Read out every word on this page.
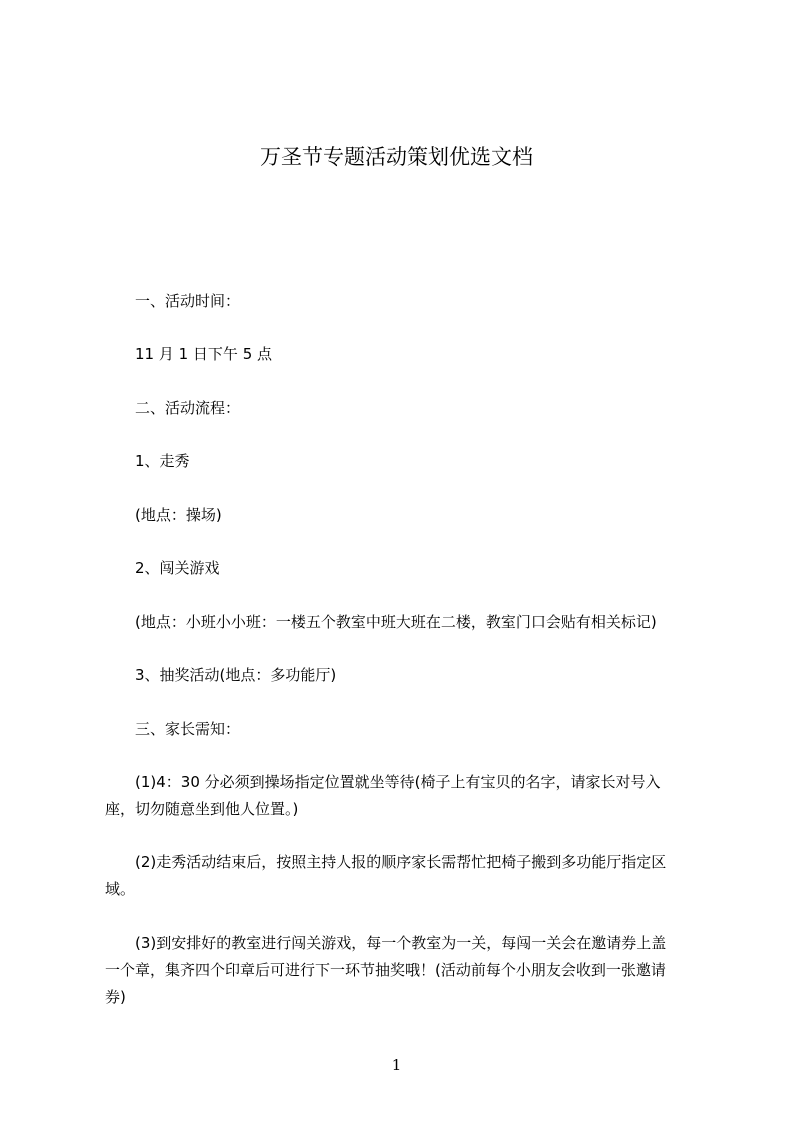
万圣节专题活动策划优选文档
一、活动时间：
11 月 1 日下午 5 点
二、活动流程：
1、走秀
(地点：操场)
2、闯关游戏
(地点：小班小小班：一楼五个教室中班大班在二楼，教室门口会贴有相关标记)
3、抽奖活动(地点：多功能厅)
三、家长需知：
(1)4：30 分必须到操场指定位置就坐等待(椅子上有宝贝的名字，请家长对号入
座，切勿随意坐到他人位置。)
(2)走秀活动结束后，按照主持人报的顺序家长需帮忙把椅子搬到多功能厅指定区
域。
(3)到安排好的教室进行闯关游戏，每一个教室为一关，每闯一关会在邀请券上盖
一个章，集齐四个印章后可进行下一环节抽奖哦！(活动前每个小朋友会收到一张邀请
券)
1
